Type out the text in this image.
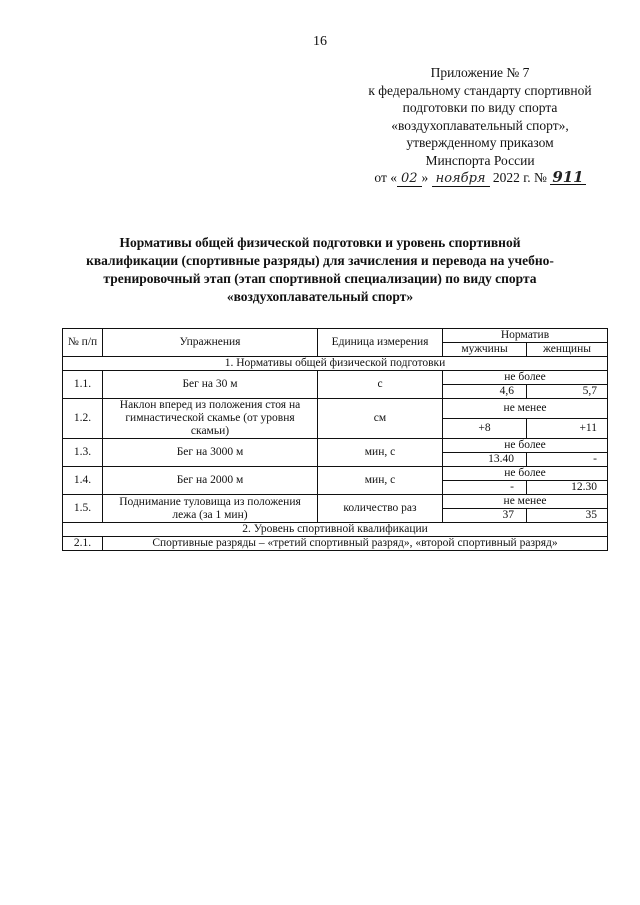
16
Приложение № 7
к федеральному стандарту спортивной
подготовки по виду спорта
«воздухоплавательный спорт»,
утвержденному приказом
Минспорта России
от « 02 » ноября 2022 г. № 911
Нормативы общей физической подготовки и уровень спортивной
квалификации (спортивные разряды) для зачисления и перевода на учебно-
тренировочный этап (этап спортивной специализации) по виду спорта
«воздухоплавательный спорт»
№ п/п	Упражнения	Единица измерения	Норматив	
			мужчины	женщины
1. Нормативы общей физической подготовки				
1.1.	Бег на 30 м	с	не более	
			4,6	5,7
1.2.	Наклон вперед из положения стоя на гимнастической скамье (от уровня скамьи)	см	не менее	
			+8	+11
1.3.	Бег на 3000 м	мин, с	не более	
			13.40	-
1.4.	Бег на 2000 м	мин, с	не более	
			-	12.30
1.5.	Поднимание туловища из положения лежа (за 1 мин)	количество раз	не менее	
			37	35
2. Уровень спортивной квалификации				
2.1.	Спортивные разряды – «третий спортивный разряд», «второй спортивный разряд»			
